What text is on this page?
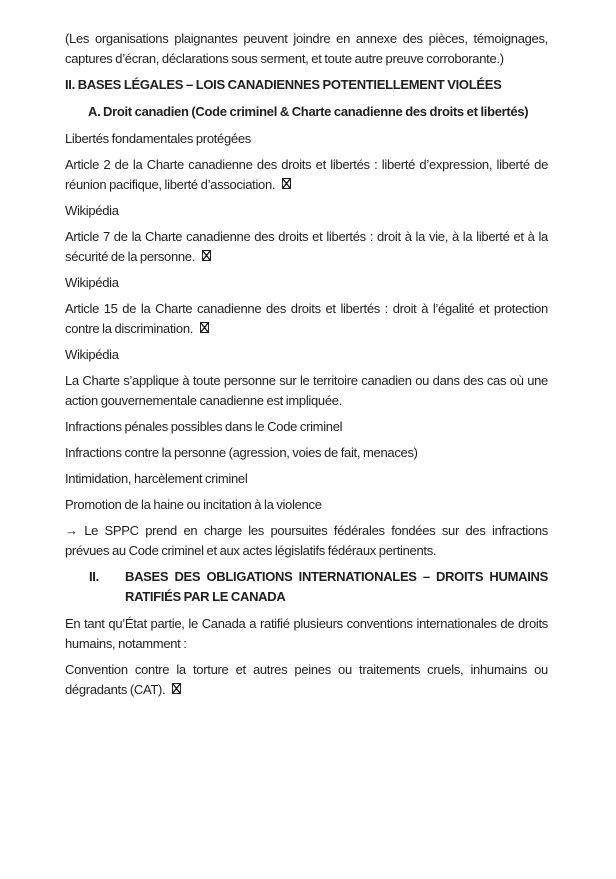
(Les organisations plaignantes peuvent joindre en annexe des pièces, témoignages, captures d’écran, déclarations sous serment, et toute autre preuve corroborante.)

II. BASES LÉGALES – LOIS CANADIENNES POTENTIELLEMENT VIOLÉES

A. Droit canadien (Code criminel & Charte canadienne des droits et libertés)

Libertés fondamentales protégées

Article 2 de la Charte canadienne des droits et libertés : liberté d’expression, liberté de réunion pacifique, liberté d’association.

Wikipédia

Article 7 de la Charte canadienne des droits et libertés : droit à la vie, à la liberté et à la sécurité de la personne.

Wikipédia

Article 15 de la Charte canadienne des droits et libertés : droit à l’égalité et protection contre la discrimination.

Wikipédia

La Charte s’applique à toute personne sur le territoire canadien ou dans des cas où une action gouvernementale canadienne est impliquée.

Infractions pénales possibles dans le Code criminel

Infractions contre la personne (agression, voies de fait, menaces)

Intimidation, harcèlement criminel

Promotion de la haine ou incitation à la violence

→ Le SPPC prend en charge les poursuites fédérales fondées sur des infractions prévues au Code criminel et aux actes législatifs fédéraux pertinents.

II. BASES DES OBLIGATIONS INTERNATIONALES – DROITS HUMAINS RATIFIÉS PAR LE CANADA

En tant qu’État partie, le Canada a ratifié plusieurs conventions internationales de droits humains, notamment :

Convention contre la torture et autres peines ou traitements cruels, inhumains ou dégradants (CAT).
